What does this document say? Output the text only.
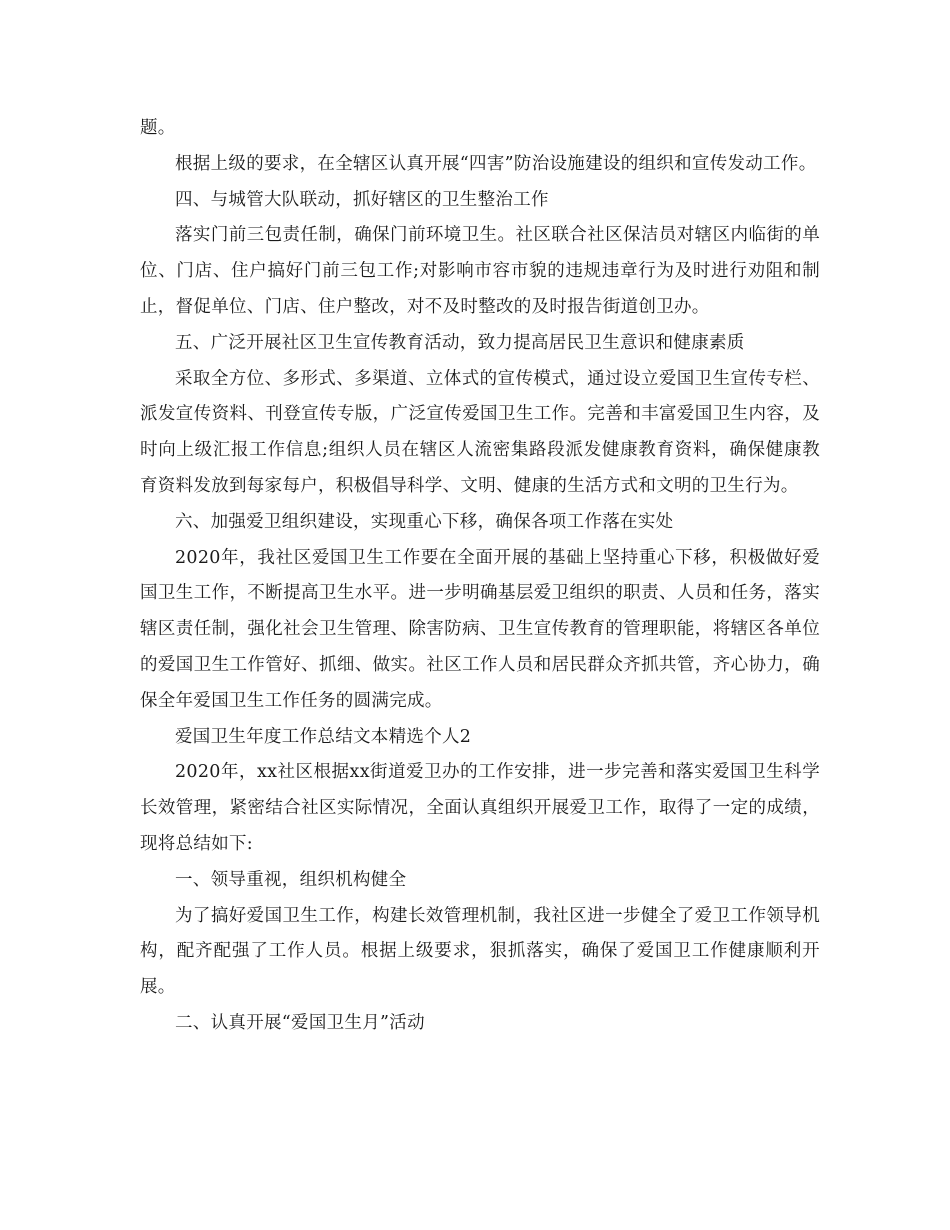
题。

根据上级的要求，在全辖区认真开展“四害”防治设施建设的组织和宣传发动工作。

四、与城管大队联动，抓好辖区的卫生整治工作

落实门前三包责任制，确保门前环境卫生。社区联合社区保洁员对辖区内临街的单位、门店、住户搞好门前三包工作;对影响市容市貌的违规违章行为及时进行劝阻和制止，督促单位、门店、住户整改，对不及时整改的及时报告街道创卫办。

五、广泛开展社区卫生宣传教育活动，致力提高居民卫生意识和健康素质

采取全方位、多形式、多渠道、立体式的宣传模式，通过设立爱国卫生宣传专栏、派发宣传资料、刊登宣传专版，广泛宣传爱国卫生工作。完善和丰富爱国卫生内容，及时向上级汇报工作信息;组织人员在辖区人流密集路段派发健康教育资料，确保健康教育资料发放到每家每户，积极倡导科学、文明、健康的生活方式和文明的卫生行为。

六、加强爱卫组织建设，实现重心下移，确保各项工作落在实处

2020年，我社区爱国卫生工作要在全面开展的基础上坚持重心下移，积极做好爱国卫生工作，不断提高卫生水平。进一步明确基层爱卫组织的职责、人员和任务，落实辖区责任制，强化社会卫生管理、除害防病、卫生宣传教育的管理职能，将辖区各单位的爱国卫生工作管好、抓细、做实。社区工作人员和居民群众齐抓共管，齐心协力，确保全年爱国卫生工作任务的圆满完成。

爱国卫生年度工作总结文本精选个人2

2020年，xx社区根据xx街道爱卫办的工作安排，进一步完善和落实爱国卫生科学长效管理，紧密结合社区实际情况，全面认真组织开展爱卫工作，取得了一定的成绩，现将总结如下:

一、领导重视，组织机构健全

为了搞好爱国卫生工作，构建长效管理机制，我社区进一步健全了爱卫工作领导机构，配齐配强了工作人员。根据上级要求，狠抓落实，确保了爱国卫工作健康顺利开展。

二、认真开展“爱国卫生月”活动
